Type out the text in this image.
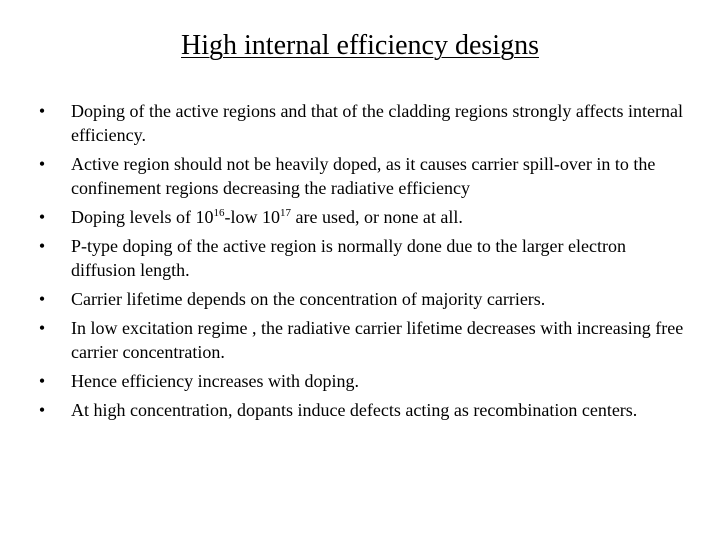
High internal efficiency designs
• Doping of the active regions and that of the cladding regions strongly affects internal efficiency.
• Active region should not be heavily doped, as it causes carrier spill-over in to the confinement regions decreasing the radiative efficiency
• Doping levels of $10^{16}$-low $10^{17}$ are used, or none at all.
• P-type doping of the active region is normally done due to the larger electron diffusion length.
• Carrier lifetime depends on the concentration of majority carriers.
• In low excitation regime , the radiative carrier lifetime decreases with increasing free carrier concentration.
• Hence efficiency increases with doping.
• At high concentration, dopants induce defects acting as recombination centers.
